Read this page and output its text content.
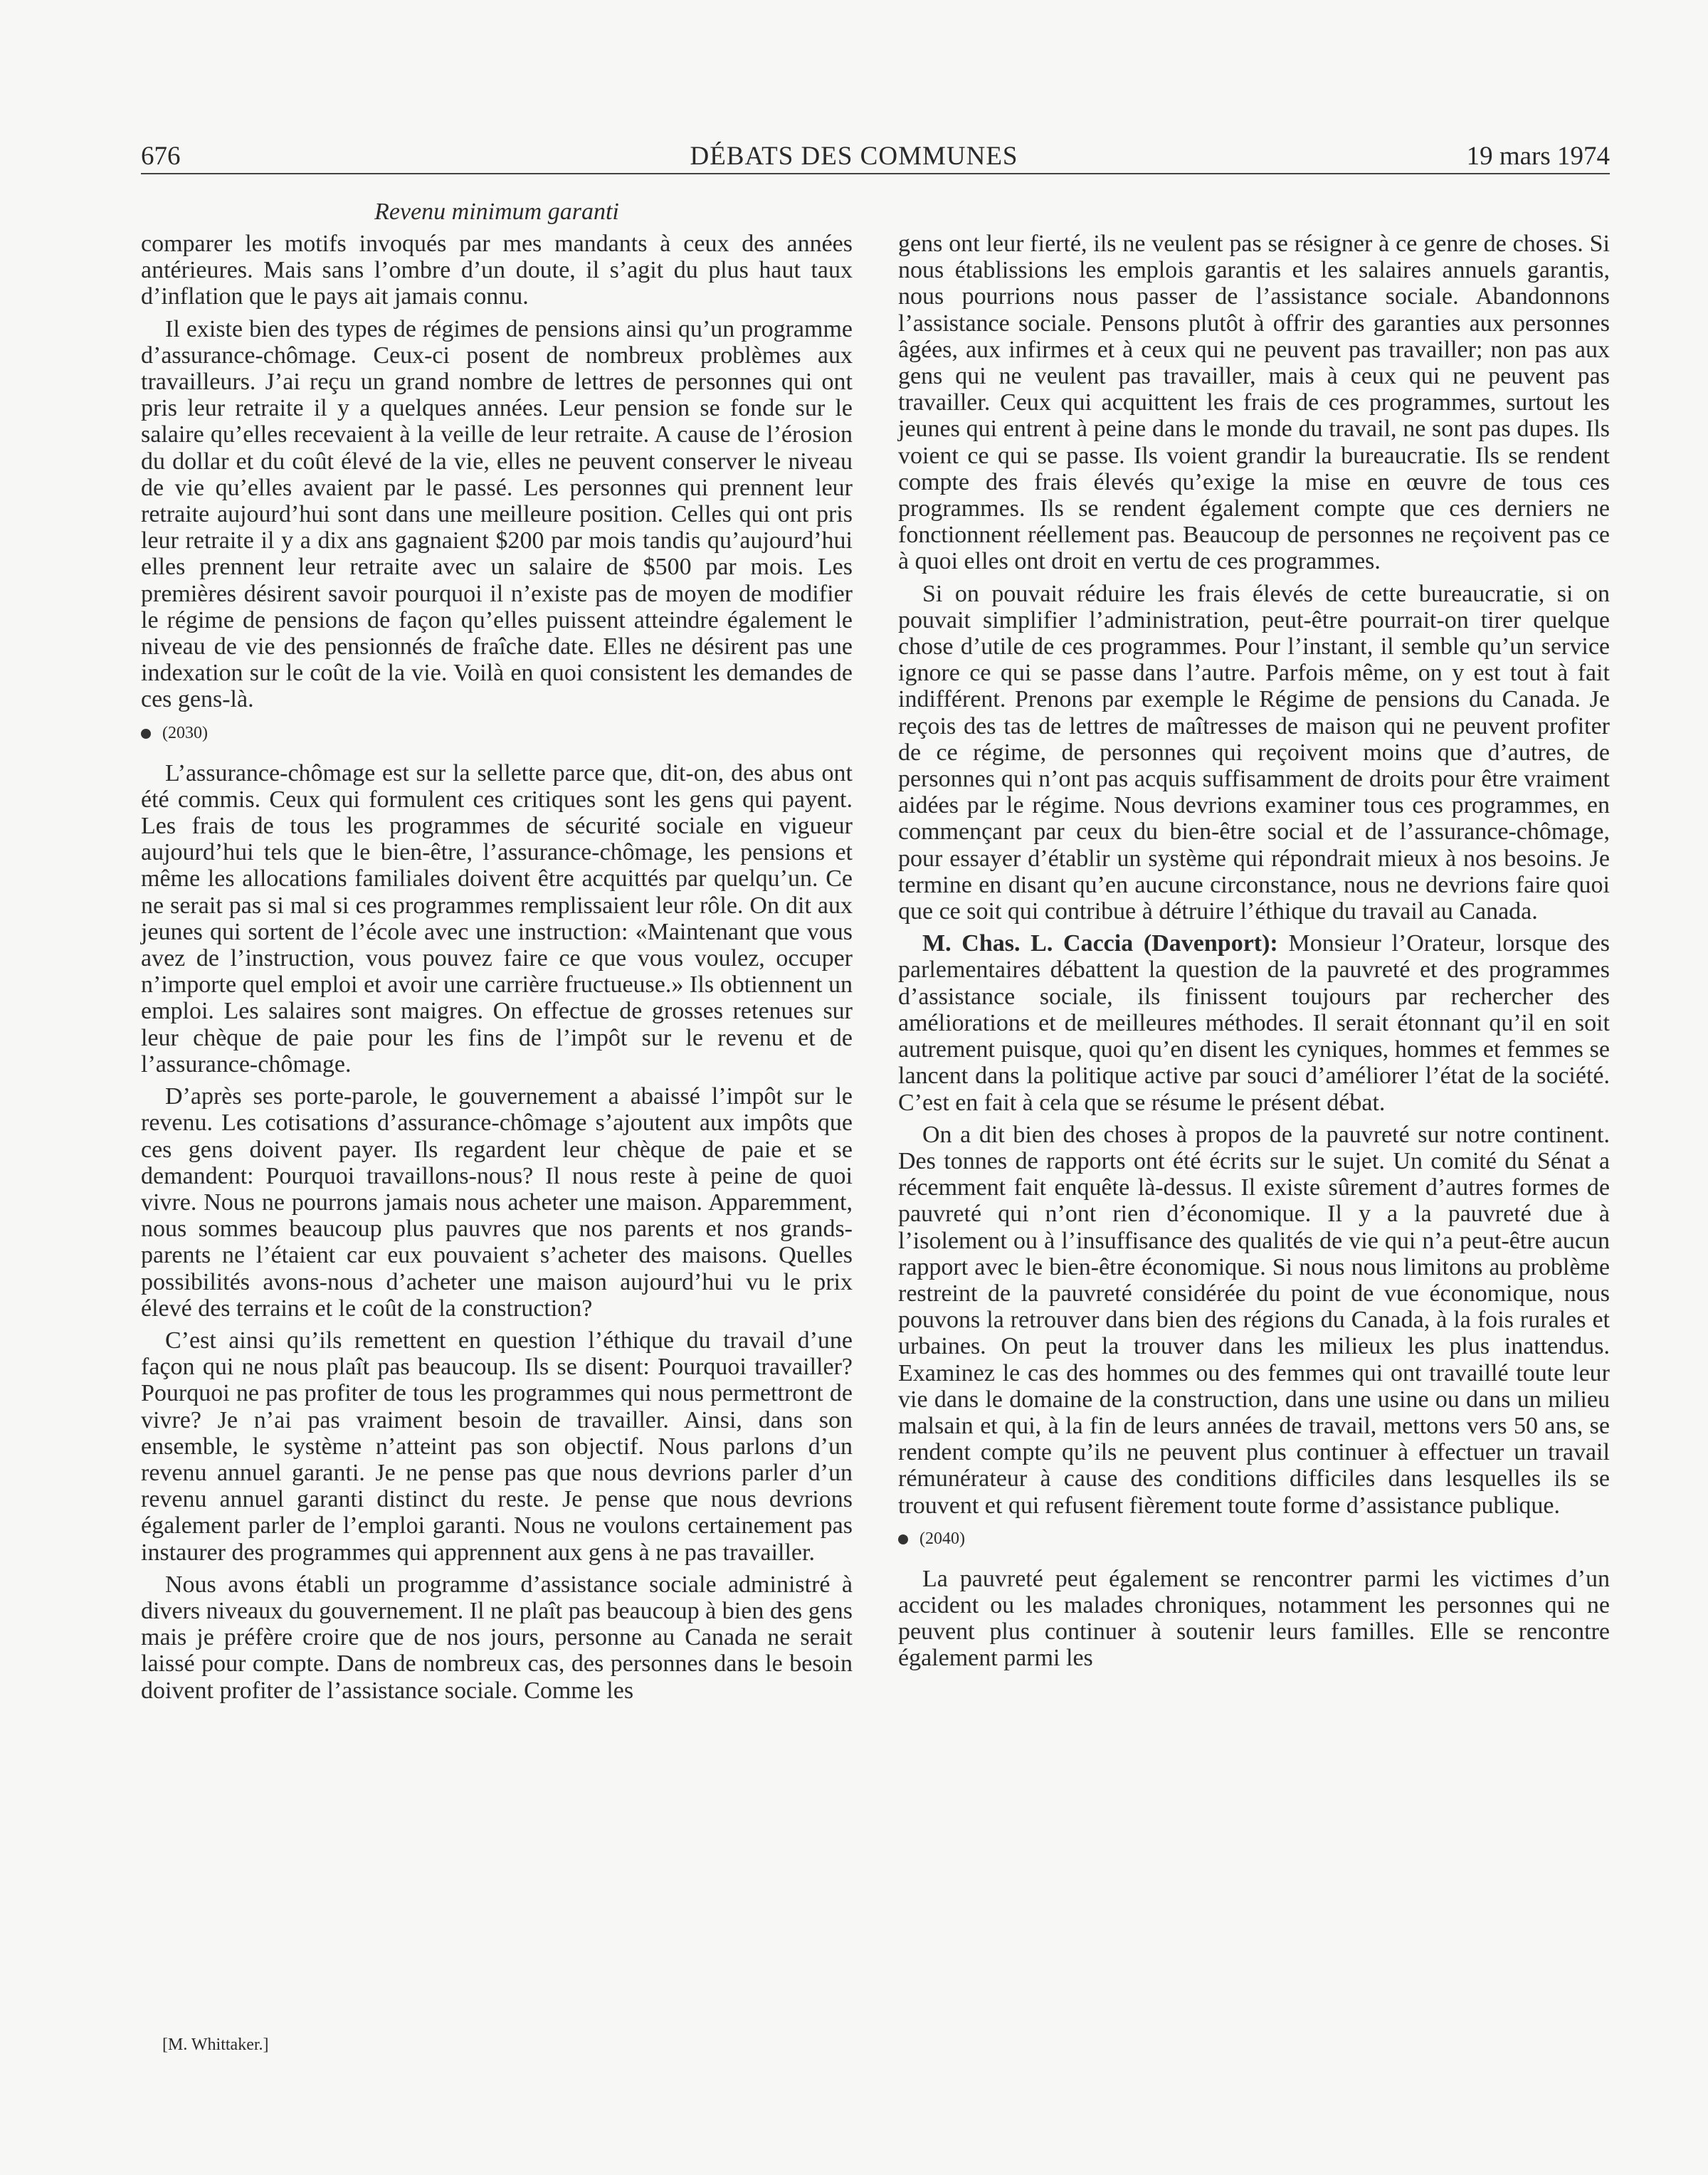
676	DÉBATS DES COMMUNES	19 mars 1974
Revenu minimum garanti

comparer les motifs invoqués par mes mandants à ceux des années antérieures. Mais sans l’ombre d’un doute, il s’agit du plus haut taux d’inflation que le pays ait jamais connu.

Il existe bien des types de régimes de pensions ainsi qu’un programme d’assurance-chômage. Ceux-ci posent de nombreux problèmes aux travailleurs. J’ai reçu un grand nombre de lettres de personnes qui ont pris leur retraite il y a quelques années. Leur pension se fonde sur le salaire qu’elles recevaient à la veille de leur retraite. A cause de l’érosion du dollar et du coût élevé de la vie, elles ne peuvent conserver le niveau de vie qu’elles avaient par le passé. Les personnes qui prennent leur retraite aujourd’hui sont dans une meilleure position. Celles qui ont pris leur retraite il y a dix ans gagnaient $200 par mois tandis qu’aujourd’hui elles prennent leur retraite avec un salaire de $500 par mois. Les premières désirent savoir pourquoi il n’existe pas de moyen de modifier le régime de pensions de façon qu’elles puissent atteindre également le niveau de vie des pensionnés de fraîche date. Elles ne désirent pas une indexation sur le coût de la vie. Voilà en quoi consistent les demandes de ces gens-là.

(2030)

L’assurance-chômage est sur la sellette parce que, dit-on, des abus ont été commis. Ceux qui formulent ces critiques sont les gens qui payent. Les frais de tous les programmes de sécurité sociale en vigueur aujourd’hui tels que le bien-être, l’assurance-chômage, les pensions et même les allocations familiales doivent être acquittés par quelqu’un. Ce ne serait pas si mal si ces programmes remplissaient leur rôle. On dit aux jeunes qui sortent de l’école avec une instruction: «Maintenant que vous avez de l’instruction, vous pouvez faire ce que vous voulez, occuper n’importe quel emploi et avoir une carrière fructueuse.» Ils obtiennent un emploi. Les salaires sont maigres. On effectue de grosses retenues sur leur chèque de paie pour les fins de l’impôt sur le revenu et de l’assurance-chômage.

D’après ses porte-parole, le gouvernement a abaissé l’impôt sur le revenu. Les cotisations d’assurance-chômage s’ajoutent aux impôts que ces gens doivent payer. Ils regardent leur chèque de paie et se demandent: Pourquoi travaillons-nous? Il nous reste à peine de quoi vivre. Nous ne pourrons jamais nous acheter une maison. Apparemment, nous sommes beaucoup plus pauvres que nos parents et nos grands-parents ne l’étaient car eux pouvaient s’acheter des maisons. Quelles possibilités avons-nous d’acheter une maison aujourd’hui vu le prix élevé des terrains et le coût de la construction?

C’est ainsi qu’ils remettent en question l’éthique du travail d’une façon qui ne nous plaît pas beaucoup. Ils se disent: Pourquoi travailler? Pourquoi ne pas profiter de tous les programmes qui nous permettront de vivre? Je n’ai pas vraiment besoin de travailler. Ainsi, dans son ensemble, le système n’atteint pas son objectif. Nous parlons d’un revenu annuel garanti. Je ne pense pas que nous devrions parler d’un revenu annuel garanti distinct du reste. Je pense que nous devrions également parler de l’emploi garanti. Nous ne voulons certainement pas instaurer des programmes qui apprennent aux gens à ne pas travailler.

Nous avons établi un programme d’assistance sociale administré à divers niveaux du gouvernement. Il ne plaît pas beaucoup à bien des gens mais je préfère croire que de nos jours, personne au Canada ne serait laissé pour compte. Dans de nombreux cas, des personnes dans le besoin doivent profiter de l’assistance sociale. Comme les

gens ont leur fierté, ils ne veulent pas se résigner à ce genre de choses. Si nous établissions les emplois garantis et les salaires annuels garantis, nous pourrions nous passer de l’assistance sociale. Abandonnons l’assistance sociale. Pensons plutôt à offrir des garanties aux personnes âgées, aux infirmes et à ceux qui ne peuvent pas travailler; non pas aux gens qui ne veulent pas travailler, mais à ceux qui ne peuvent pas travailler. Ceux qui acquittent les frais de ces programmes, surtout les jeunes qui entrent à peine dans le monde du travail, ne sont pas dupes. Ils voient ce qui se passe. Ils voient grandir la bureaucratie. Ils se rendent compte des frais élevés qu’exige la mise en œuvre de tous ces programmes. Ils se rendent également compte que ces derniers ne fonctionnent réellement pas. Beaucoup de personnes ne reçoivent pas ce à quoi elles ont droit en vertu de ces programmes.

Si on pouvait réduire les frais élevés de cette bureaucratie, si on pouvait simplifier l’administration, peut-être pourrait-on tirer quelque chose d’utile de ces programmes. Pour l’instant, il semble qu’un service ignore ce qui se passe dans l’autre. Parfois même, on y est tout à fait indifférent. Prenons par exemple le Régime de pensions du Canada. Je reçois des tas de lettres de maîtresses de maison qui ne peuvent profiter de ce régime, de personnes qui reçoivent moins que d’autres, de personnes qui n’ont pas acquis suffisamment de droits pour être vraiment aidées par le régime. Nous devrions examiner tous ces programmes, en commençant par ceux du bien-être social et de l’assurance-chômage, pour essayer d’établir un système qui répondrait mieux à nos besoins. Je termine en disant qu’en aucune circonstance, nous ne devrions faire quoi que ce soit qui contribue à détruire l’éthique du travail au Canada.

M. Chas. L. Caccia (Davenport): Monsieur l’Orateur, lorsque des parlementaires débattent la question de la pauvreté et des programmes d’assistance sociale, ils finissent toujours par rechercher des améliorations et de meilleures méthodes. Il serait étonnant qu’il en soit autrement puisque, quoi qu’en disent les cyniques, hommes et femmes se lancent dans la politique active par souci d’améliorer l’état de la société. C’est en fait à cela que se résume le présent débat.

On a dit bien des choses à propos de la pauvreté sur notre continent. Des tonnes de rapports ont été écrits sur le sujet. Un comité du Sénat a récemment fait enquête là-dessus. Il existe sûrement d’autres formes de pauvreté qui n’ont rien d’économique. Il y a la pauvreté due à l’isolement ou à l’insuffisance des qualités de vie qui n’a peut-être aucun rapport avec le bien-être économique. Si nous nous limitons au problème restreint de la pauvreté considérée du point de vue économique, nous pouvons la retrouver dans bien des régions du Canada, à la fois rurales et urbaines. On peut la trouver dans les milieux les plus inattendus. Examinez le cas des hommes ou des femmes qui ont travaillé toute leur vie dans le domaine de la construction, dans une usine ou dans un milieu malsain et qui, à la fin de leurs années de travail, mettons vers 50 ans, se rendent compte qu’ils ne peuvent plus continuer à effectuer un travail rémunérateur à cause des conditions difficiles dans lesquelles ils se trouvent et qui refusent fièrement toute forme d’assistance publique.

(2040)

La pauvreté peut également se rencontrer parmi les victimes d’un accident ou les malades chroniques, notamment les personnes qui ne peuvent plus continuer à soutenir leurs familles. Elle se rencontre également parmi les

[M. Whittaker.]
